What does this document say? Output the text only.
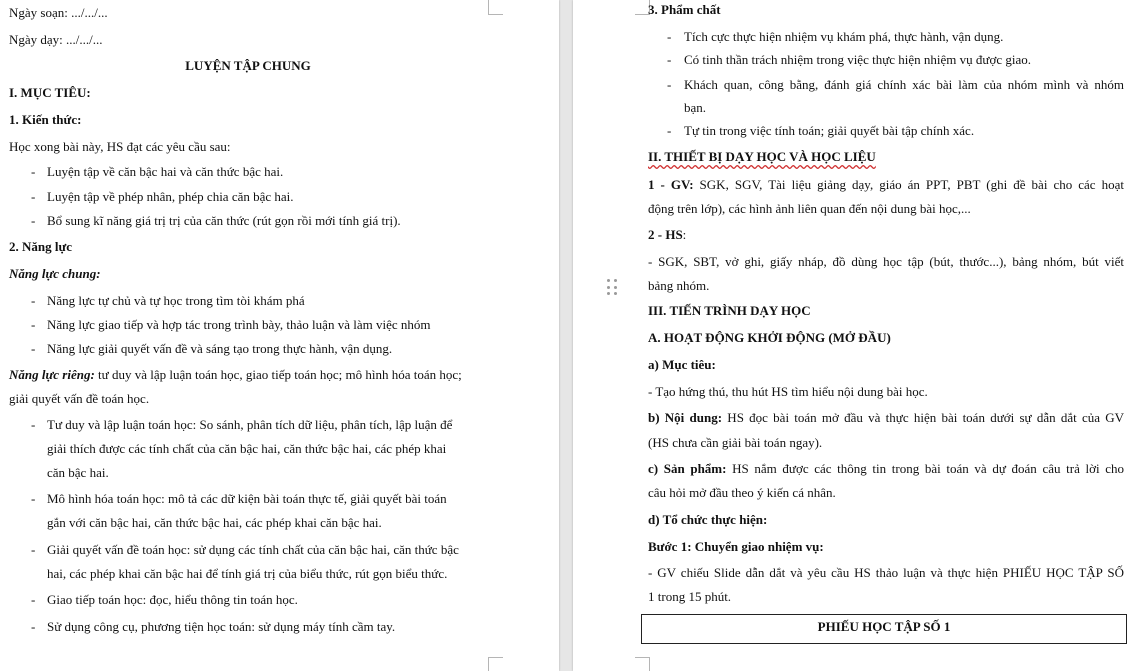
Ngày soạn: .../.../...
Ngày dạy: .../.../...
LUYỆN TẬP CHUNG
I. MỤC TIÊU:
1. Kiến thức:
Học xong bài này, HS đạt các yêu cầu sau:
- Luyện tập về căn bậc hai và căn thức bậc hai.
- Luyện tập về phép nhân, phép chia căn bậc hai.
- Bổ sung kĩ năng giá trị trị của căn thức (rút gọn rồi mới tính giá trị).
2. Năng lực
Năng lực chung:
- Năng lực tự chủ và tự học trong tìm tòi khám phá
- Năng lực giao tiếp và hợp tác trong trình bày, thảo luận và làm việc nhóm
- Năng lực giải quyết vấn đề và sáng tạo trong thực hành, vận dụng.
Năng lực riêng: tư duy và lập luận toán học, giao tiếp toán học; mô hình hóa toán học;
giải quyết vấn đề toán học.
- Tư duy và lập luận toán học: So sánh, phân tích dữ liệu, phân tích, lập luận để
giải thích được các tính chất của căn bậc hai, căn thức bậc hai, các phép khai
căn bậc hai.
- Mô hình hóa toán học: mô tả các dữ kiện bài toán thực tế, giải quyết bài toán
gắn với căn bậc hai, căn thức bậc hai, các phép khai căn bậc hai.
- Giải quyết vấn đề toán học: sử dụng các tính chất của căn bậc hai, căn thức bậc
hai, các phép khai căn bậc hai để tính giá trị của biểu thức, rút gọn biểu thức.
- Giao tiếp toán học: đọc, hiểu thông tin toán học.
- Sử dụng công cụ, phương tiện học toán: sử dụng máy tính cầm tay.
3. Phẩm chất
- Tích cực thực hiện nhiệm vụ khám phá, thực hành, vận dụng.
- Có tinh thần trách nhiệm trong việc thực hiện nhiệm vụ được giao.
- Khách quan, công bằng, đánh giá chính xác bài làm của nhóm mình và nhóm
bạn.
- Tự tin trong việc tính toán; giải quyết bài tập chính xác.
II. THIẾT BỊ DẠY HỌC VÀ HỌC LIỆU
1 - GV: SGK, SGV, Tài liệu giảng dạy, giáo án PPT, PBT (ghi đề bài cho các hoạt
động trên lớp), các hình ảnh liên quan đến nội dung bài học,...
2 - HS:
- SGK, SBT, vở ghi, giấy nháp, đồ dùng học tập (bút, thước...), bảng nhóm, bút viết
bảng nhóm.
III. TIẾN TRÌNH DẠY HỌC
A. HOẠT ĐỘNG KHỞI ĐỘNG (MỞ ĐẦU)
a) Mục tiêu:
- Tạo hứng thú, thu hút HS tìm hiểu nội dung bài học.
b) Nội dung: HS đọc bài toán mở đầu và thực hiện bài toán dưới sự dẫn dắt của GV
(HS chưa cần giải bài toán ngay).
c) Sản phẩm: HS nắm được các thông tin trong bài toán và dự đoán câu trả lời cho
câu hỏi mở đầu theo ý kiến cá nhân.
d) Tổ chức thực hiện:
Bước 1: Chuyển giao nhiệm vụ:
- GV chiếu Slide dẫn dắt và yêu cầu HS thảo luận và thực hiện PHIẾU HỌC TẬP SỐ
1 trong 15 phút.
PHIẾU HỌC TẬP SỐ 1
